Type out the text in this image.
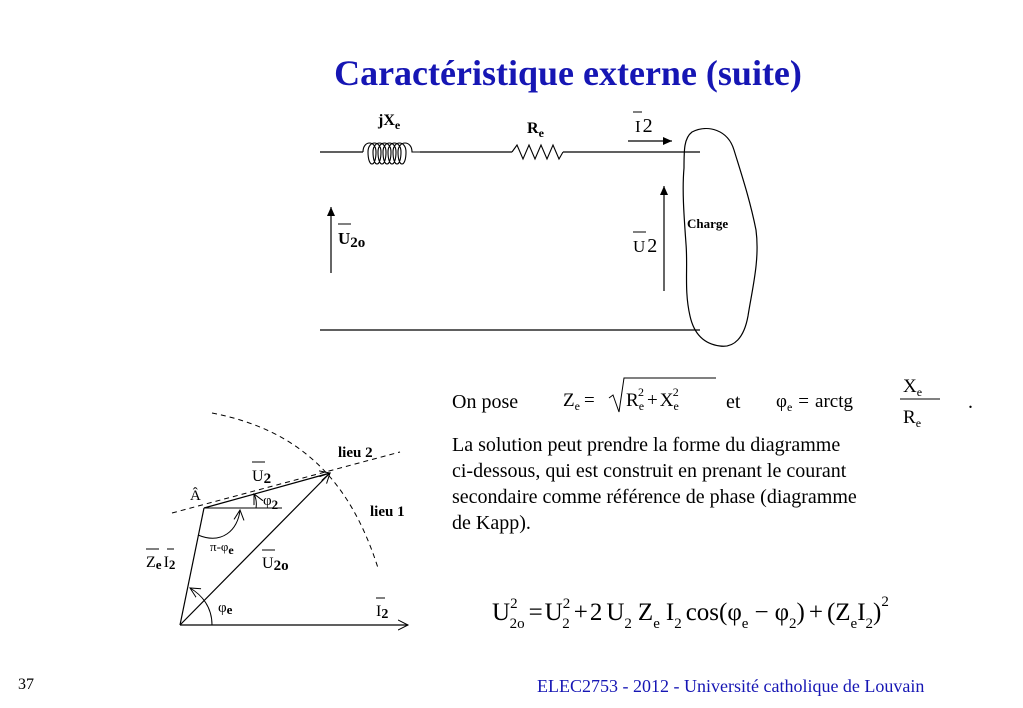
Caractéristique externe (suite)
$jX_e$	$R_e$	I 2
U2o	U 2
Charge
lieu 2
lieu 1
Â
U2
φ2
π-φe
Ze I2	U2o
φe	I2
$Z_e = R_e2 + X_e2$	$\varphi_e$ = arctg
$X_e$
$R_e$
$U^2$ $2o =U^2$ 2 +2 $U_2$ $Z_e$ $I_2$ $\cos(\varphi_e - \varphi_2) + (Z_eI_2)^2$
On pose	et	.
La solution peut prendre la forme du diagramme
ci-dessous, qui est construit en prenant le courant
secondaire comme référence de phase (diagramme
de Kapp).
37	ELEC2753 - 2012 - Université catholique de Louvain
